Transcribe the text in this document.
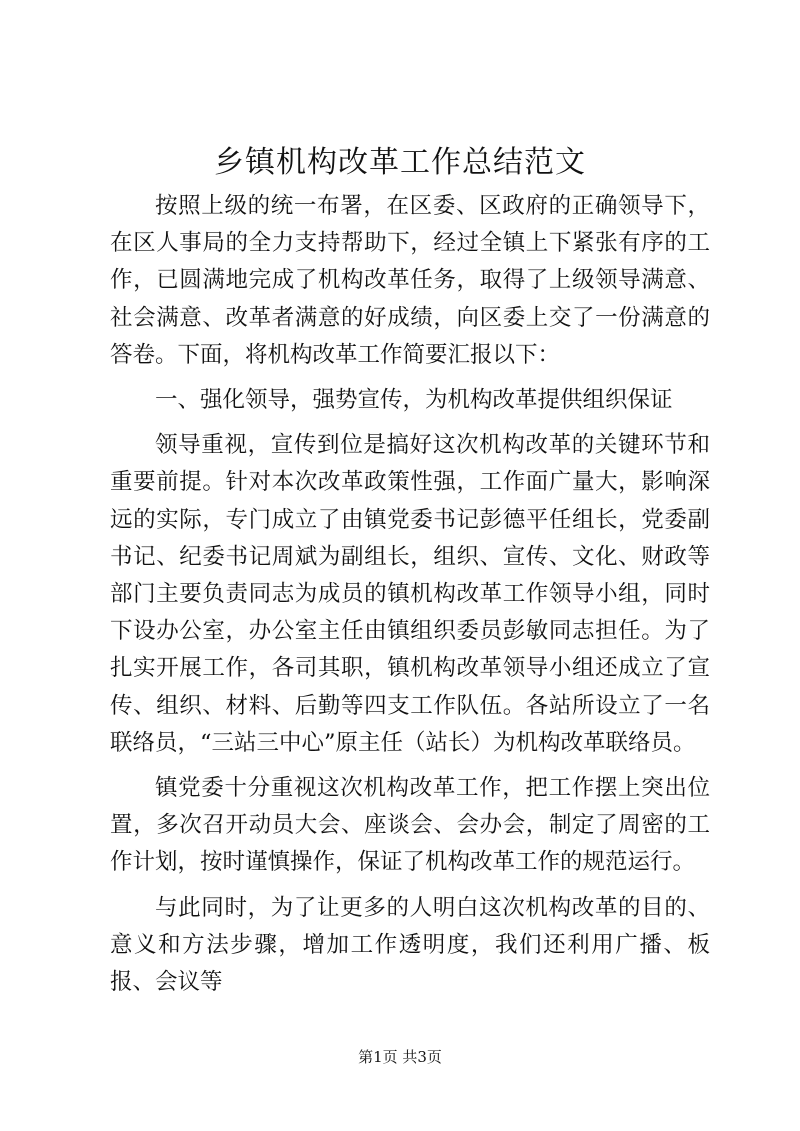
乡镇机构改革工作总结范文

按照上级的统一布署，在区委、区政府的正确领导下，在区人事局的全力支持帮助下，经过全镇上下紧张有序的工作，已圆满地完成了机构改革任务，取得了上级领导满意、社会满意、改革者满意的好成绩，向区委上交了一份满意的答卷。下面，将机构改革工作简要汇报以下：

一、强化领导，强势宣传，为机构改革提供组织保证

领导重视，宣传到位是搞好这次机构改革的关键环节和重要前提。针对本次改革政策性强，工作面广量大，影响深远的实际，专门成立了由镇党委书记彭德平任组长，党委副书记、纪委书记周斌为副组长，组织、宣传、文化、财政等部门主要负责同志为成员的镇机构改革工作领导小组，同时下设办公室，办公室主任由镇组织委员彭敏同志担任。为了扎实开展工作，各司其职，镇机构改革领导小组还成立了宣传、组织、材料、后勤等四支工作队伍。各站所设立了一名联络员，“三站三中心”原主任（站长）为机构改革联络员。

镇党委十分重视这次机构改革工作，把工作摆上突出位置，多次召开动员大会、座谈会、会办会，制定了周密的工作计划，按时谨慎操作，保证了机构改革工作的规范运行。

与此同时，为了让更多的人明白这次机构改革的目的、意义和方法步骤，增加工作透明度，我们还利用广播、板报、会议等

第1页 共3页
